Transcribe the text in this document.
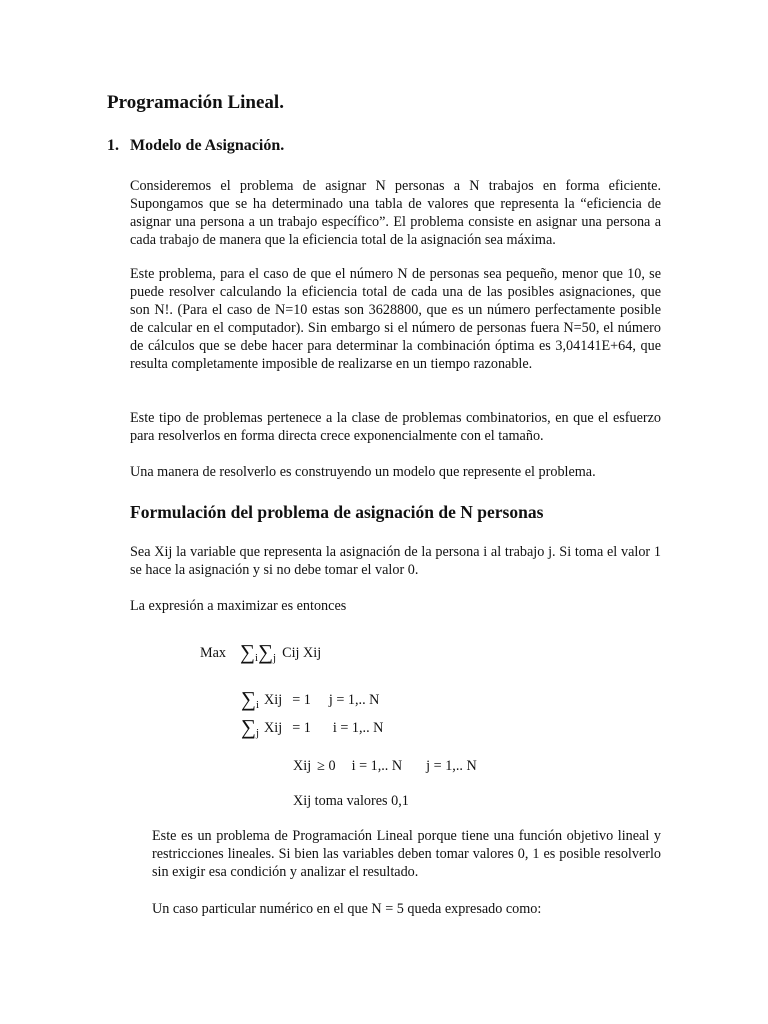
Programación Lineal.
1. Modelo de Asignación.

Consideremos el problema de asignar N personas a N trabajos en forma eficiente. Supongamos que se ha determinado una tabla de valores que representa la “eficiencia de asignar una persona a un trabajo específico”. El problema consiste en asignar una persona a cada trabajo de manera que la eficiencia total de la asignación sea máxima.

Este problema, para el caso de que el número N de personas sea pequeño, menor que 10, se puede resolver calculando la eficiencia total de cada una de las posibles asignaciones, que son N!. (Para el caso de N=10 estas son 3628800, que es un número perfectamente posible de calcular en el computador). Sin embargo si el número de personas fuera N=50, el número de cálculos que se debe hacer para determinar la combinación óptima es 3,04141E+64, que resulta completamente imposible de realizarse en un tiempo razonable.

Este tipo de problemas pertenece a la clase de problemas combinatorios, en que el esfuerzo para resolverlos en forma directa crece exponencialmente con el tamaño.

Una manera de resolverlo es construyendo un modelo que represente el problema.

Formulación del problema de asignación de N personas

Sea Xij la variable que representa la asignación de la persona i al trabajo j. Si toma el valor 1 se hace la asignación y si no debe tomar el valor 0.

La expresión a maximizar es entonces

Max $\sum_i\sum_j$ Cij Xij
$\sum_i$ Xij = 1 j = 1,.. N
$\sum_j$ Xij = 1 i = 1,.. N
Xij ≥ 0 i = 1,.. N j = 1,.. N
Xij toma valores 0,1

Este es un problema de Programación Lineal porque tiene una función objetivo lineal y restricciones lineales. Si bien las variables deben tomar valores 0, 1 es posible resolverlo sin exigir esa condición y analizar el resultado.

Un caso particular numérico en el que N = 5 queda expresado como:
